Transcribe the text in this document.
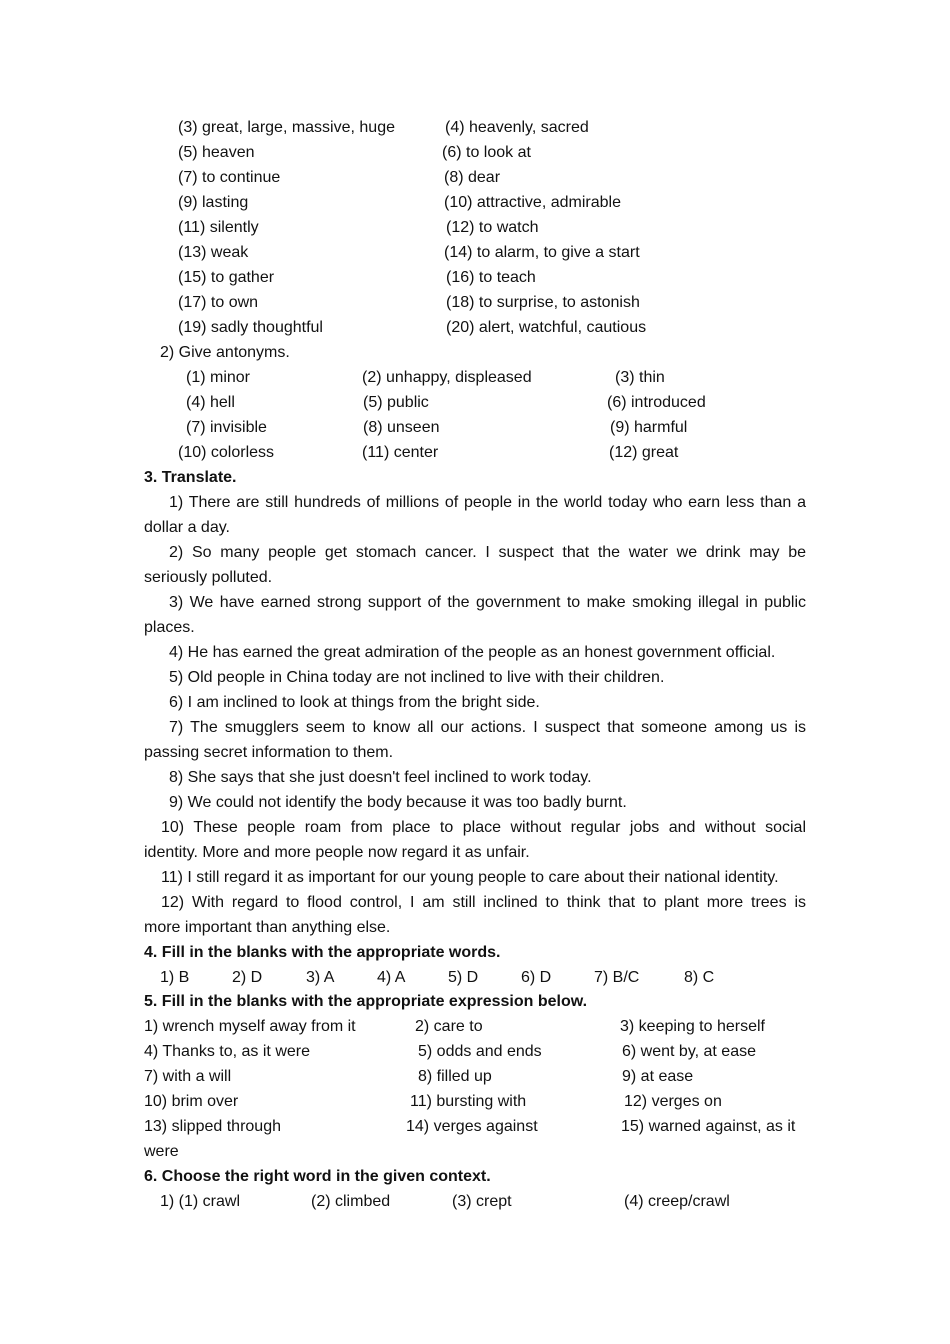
(3) great, large, massive, huge	(4) heavenly, sacred
(5) heaven	(6) to look at
(7) to continue	(8) dear
(9) lasting	(10) attractive, admirable
(11) silently	(12) to watch
(13) weak	(14) to alarm, to give a start
(15) to gather	(16) to teach
(17) to own	(18) to surprise, to astonish
(19) sadly thoughtful	(20) alert, watchful, cautious
2) Give antonyms.
(1) minor	(2) unhappy, displeased	(3) thin
(4) hell	(5) public	(6) introduced
(7) invisible	(8) unseen	(9) harmful
(10) colorless	(11) center	(12) great
3. Translate.
1) There are still hundreds of millions of people in the world today who earn less than a
dollar a day.
2) So many people get stomach cancer. I suspect that the water we drink may be
seriously polluted.
3) We have earned strong support of the government to make smoking illegal in public
places.
4) He has earned the great admiration of the people as an honest government official.
5) Old people in China today are not inclined to live with their children.
6) I am inclined to look at things from the bright side.
7) The smugglers seem to know all our actions. I suspect that someone among us is
passing secret information to them.
8) She says that she just doesn't feel inclined to work today.
9) We could not identify the body because it was too badly burnt.
10) These people roam from place to place without regular jobs and without social
identity. More and more people now regard it as unfair.
11) I still regard it as important for our young people to care about their national identity.
12) With regard to flood control, I am still inclined to think that to plant more trees is
more important than anything else.
4. Fill in the blanks with the appropriate words.
1) B	2) D	3) A	4) A	5) D	6) D	7) B/C	8) C
5. Fill in the blanks with the appropriate expression below.
1) wrench myself away from it	2) care to	3) keeping to herself
4) Thanks to, as it were	5) odds and ends	6) went by, at ease
7) with a will	8) filled up	9) at ease
10) brim over	11) bursting with	12) verges on
13) slipped through	14) verges against	15) warned against, as it
were
6. Choose the right word in the given context.
1) (1) crawl	(2) climbed	(3) crept	(4) creep/crawl
